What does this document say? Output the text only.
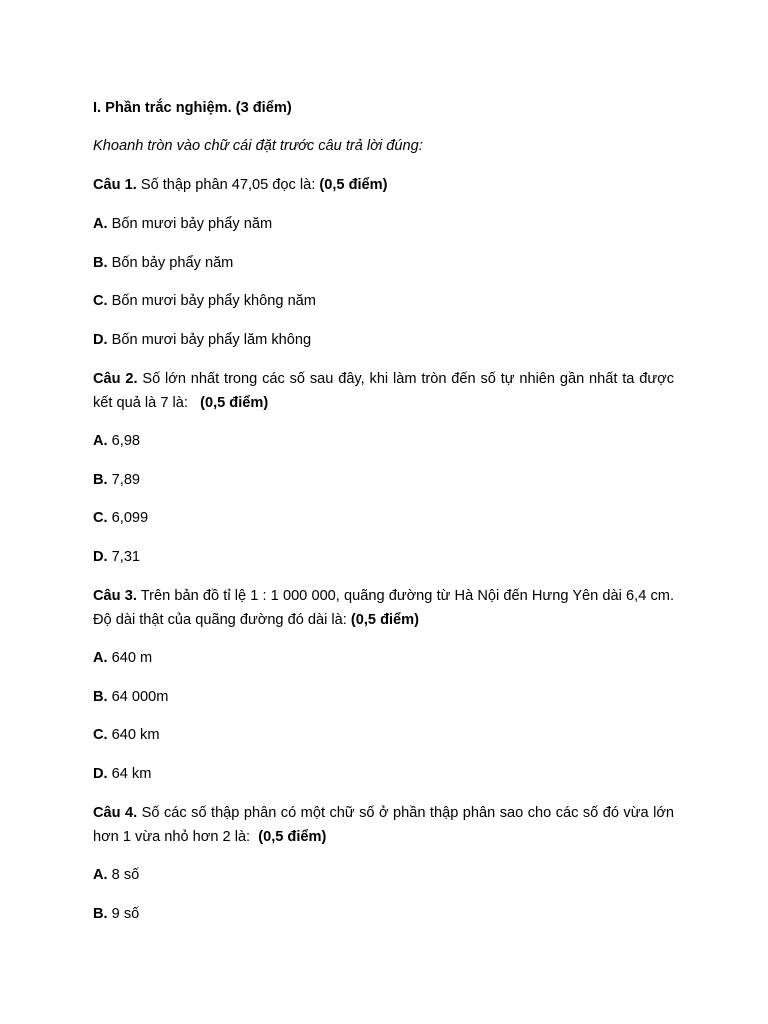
I. Phần trắc nghiệm. (3 điểm)

Khoanh tròn vào chữ cái đặt trước câu trả lời đúng:

Câu 1. Số thập phân 47,05 đọc là: (0,5 điểm)

A. Bốn mươi bảy phẩy năm

B. Bốn bảy phẩy năm

C. Bốn mươi bảy phẩy không năm

D. Bốn mươi bảy phẩy lăm không

Câu 2. Số lớn nhất trong các số sau đây, khi làm tròn đến số tự nhiên gần nhất ta được kết quả là 7 là:   (0,5 điểm)

A. 6,98

B. 7,89

C. 6,099

D. 7,31

Câu 3. Trên bản đồ tỉ lệ 1 : 1 000 000, quãng đường từ Hà Nội đến Hưng Yên dài 6,4 cm. Độ dài thật của quãng đường đó dài là: (0,5 điểm)

A. 640 m

B. 64 000m

C. 640 km

D. 64 km

Câu 4. Số các số thập phân có một chữ số ở phần thập phân sao cho các số đó vừa lớn hơn 1 vừa nhỏ hơn 2 là:  (0,5 điểm)

A. 8 số

B. 9 số
